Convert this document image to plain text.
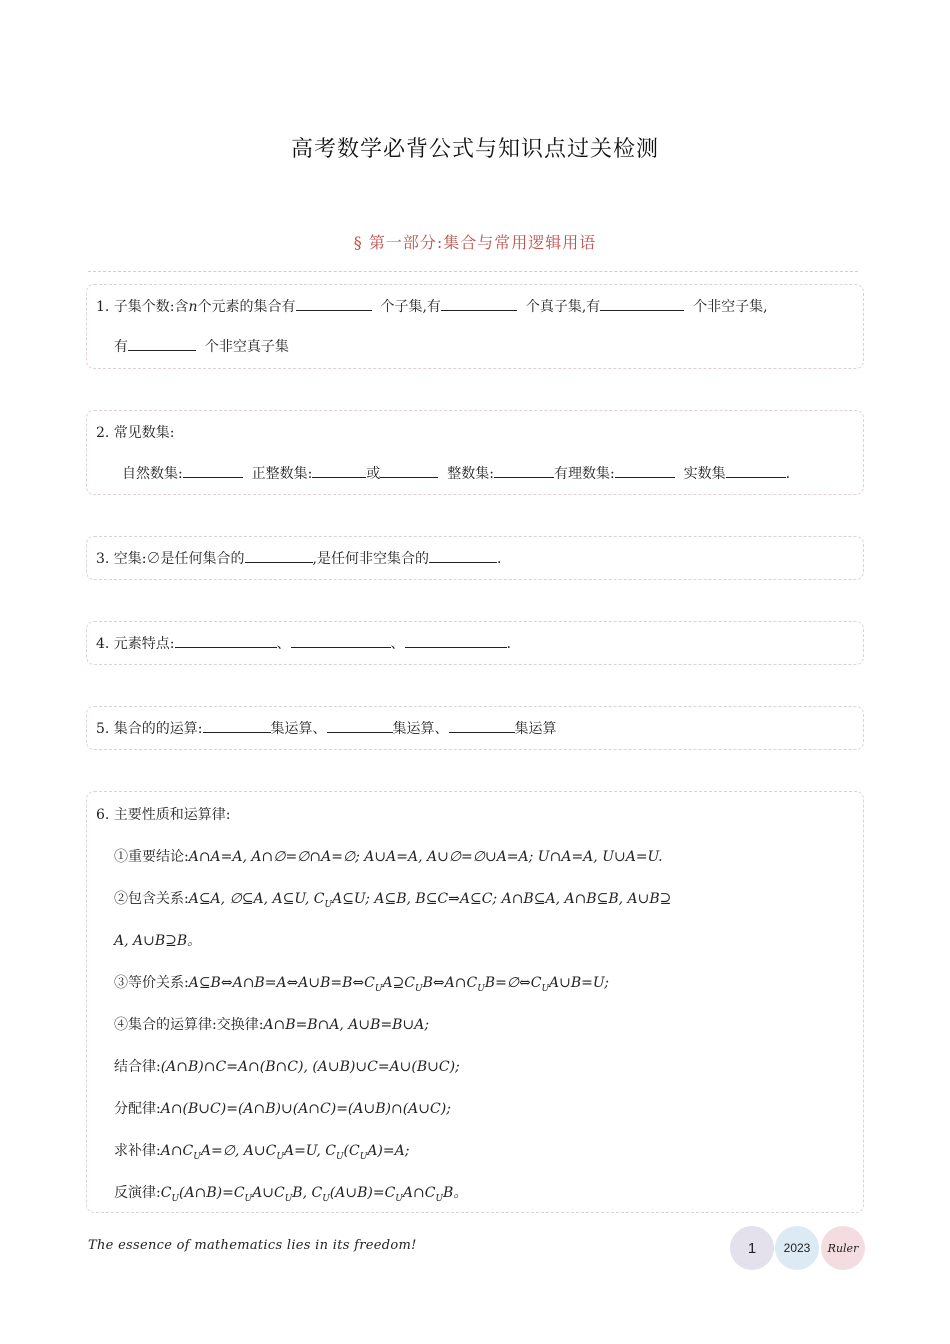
高考数学必背公式与知识点过关检测
§ 第一部分:集合与常用逻辑用语
1. 子集个数:含n个元素的集合有	个子集,有	个真子集,有	个非空子集,
有	个非空真子集
2. 常见数集:
自然数集:	正整数集:	或	整数集:	有理数集:	实数集	.
3. 空集:∅是任何集合的	,是任何非空集合的	.
4. 元素特点:	、	、	.
5. 集合的的运算:	集运算、	集运算、	集运算
6. 主要性质和运算律:
①重要结论:A∩A=A, A∩∅=∅∩A=∅; A∪A=A, A∪∅=∅∪A=A; U∩A=A, U∪A=U.
②包含关系:A⊆A, ∅⊆A, A⊆U, $C_UA⊆U$; A⊆B, B⊆C⇒A⊆C; A∩B⊆A, A∩B⊆B, A∪B⊇
A, A∪B⊇B。
③等价关系$:A⊆B\Leftrightarrow A\cap B=A\Leftrightarrow A\cup B=B\Leftrightarrow C_UA⊇C_UB\Leftrightarrow A\cap C_UB=\emptyset\Leftrightarrow C_UA\cup B=U$;
④集合的运算律:交换律:A∩B=B∩A, A∪B=B∪A;
结合律:(A∩B)∩C=A∩(B∩C), (A∪B)∪C=A∪(B∪C);
分配律:A∩(B∪C)=(A∩B)∪(A∩C)=(A∪B)∩(A∪C);
求补律$:A\cap C_UA=\emptyset$, $A\cup C_UA=U$, $C_U(C_UA)=A$;
反演律$:C_U(A\cap B)=C_UA\cup C_UB$, $C_U(A\cup B)=C_UA\cap C_UB$。
The essence of mathematics lies in its freedom!	1 2023 Ruler
